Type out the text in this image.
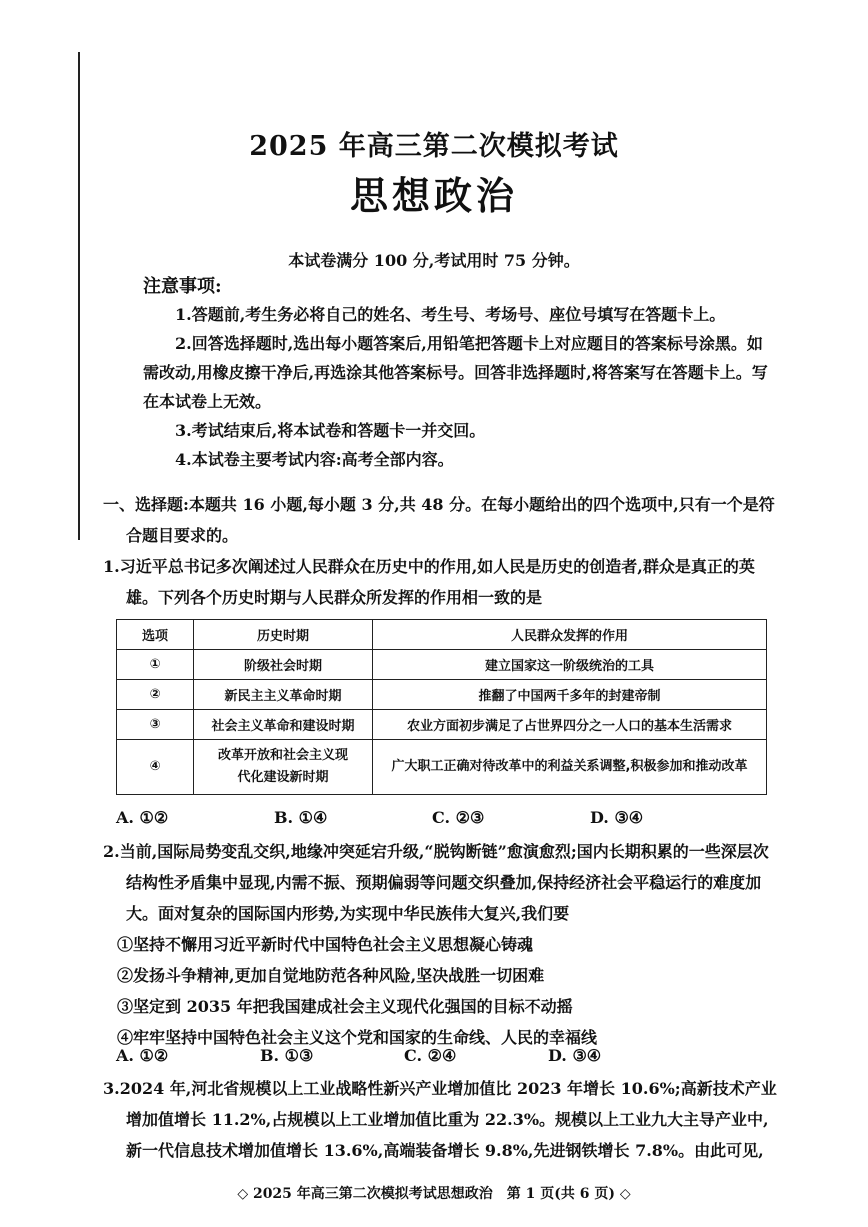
2025 年高三第二次模拟考试
思想政治
本试卷满分 100 分,考试用时 75 分钟。
注意事项:

1.答题前,考生务必将自己的姓名、考生号、考场号、座位号填写在答题卡上。

2.回答选择题时,选出每小题答案后,用铅笔把答题卡上对应题目的答案标号涂黑。如需改动,用橡皮擦干净后,再选涂其他答案标号。回答非选择题时,将答案写在答题卡上。写在本试卷上无效。

3.考试结束后,将本试卷和答题卡一并交回。

4.本试卷主要考试内容:高考全部内容。

一、选择题:本题共 16 小题,每小题 3 分,共 48 分。在每小题给出的四个选项中,只有一个是符合题目要求的。

1.习近平总书记多次阐述过人民群众在历史中的作用,如人民是历史的创造者,群众是真正的英雄。下列各个历史时期与人民群众所发挥的作用相一致的是

选项	历史时期	人民群众发挥的作用
①	阶级社会时期	建立国家这一阶级统治的工具
②	新民主主义革命时期	推翻了中国两千多年的封建帝制
③	社会主义革命和建设时期	农业方面初步满足了占世界四分之一人口的基本生活需求
④	改革开放和社会主义现代化建设新时期	广大职工正确对待改革中的利益关系调整,积极参加和推动改革
A. ①②	B. ①④	C. ②③	D. ③④

2.当前,国际局势变乱交织,地缘冲突延宕升级,“脱钩断链”愈演愈烈;国内长期积累的一些深层次结构性矛盾集中显现,内需不振、预期偏弱等问题交织叠加,保持经济社会平稳运行的难度加大。面对复杂的国际国内形势,为实现中华民族伟大复兴,我们要

①坚持不懈用习近平新时代中国特色社会主义思想凝心铸魂

②发扬斗争精神,更加自觉地防范各种风险,坚决战胜一切困难

③坚定到 2035 年把我国建成社会主义现代化强国的目标不动摇

④牢牢坚持中国特色社会主义这个党和国家的生命线、人民的幸福线

A. ①②	B. ①③	C. ②④	D. ③④

3.2024 年,河北省规模以上工业战略性新兴产业增加值比 2023 年增长 10.6%;高新技术产业增加值增长 11.2%,占规模以上工业增加值比重为 22.3%。规模以上工业九大主导产业中,新一代信息技术增加值增长 13.6%,高端装备增长 9.8%,先进钢铁增长 7.8%。由此可见,

◇ 2025 年高三第二次模拟考试思想政治　第 1 页(共 6 页) ◇
